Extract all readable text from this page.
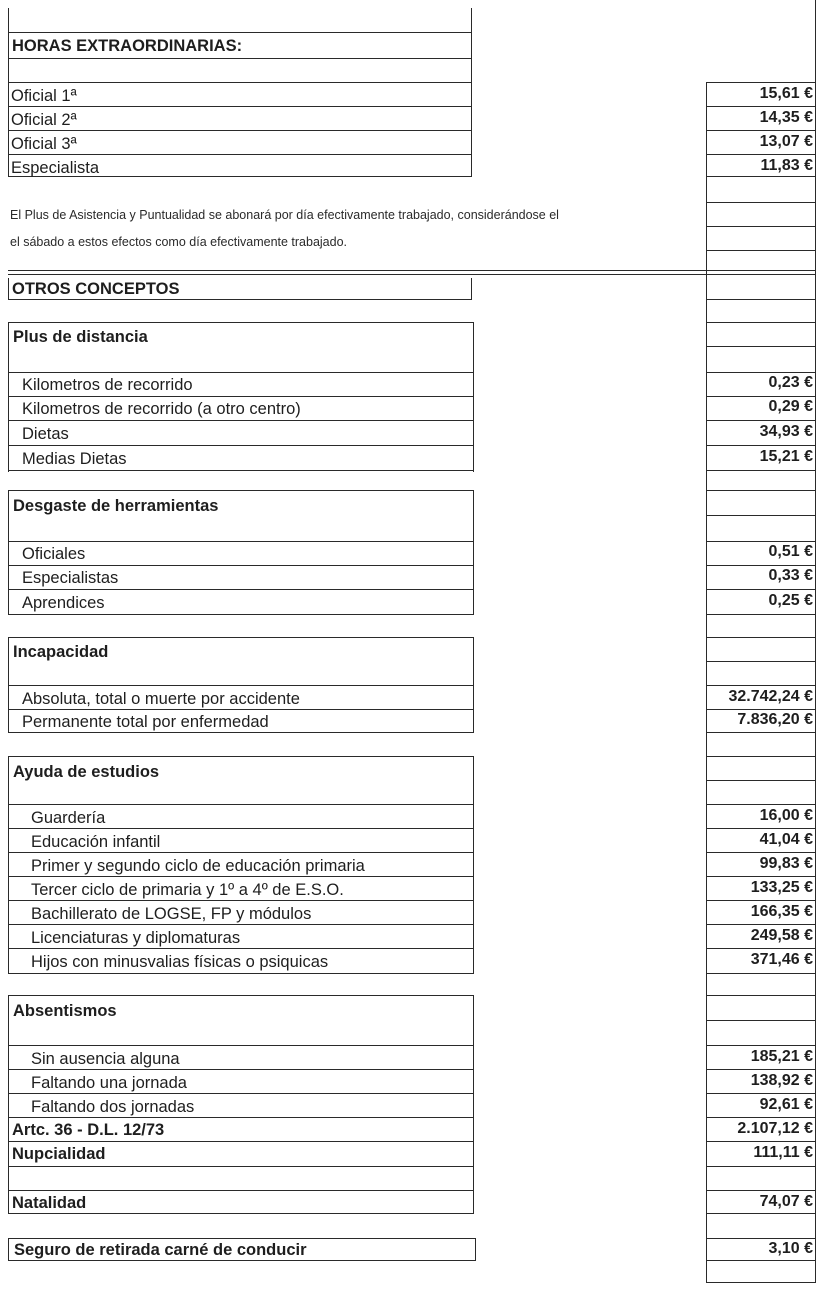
HORAS EXTRAORDINARIAS:
Oficial 1ª
Oficial 2ª
Oficial 3ª
Especialista
15,61 €
14,35 €
13,07 €
11,83 €
El Plus de Asistencia y Puntualidad se abonará por día efectivamente trabajado, considerándose el
el sábado a estos efectos como día efectivamente trabajado.
OTROS CONCEPTOS
Plus de distancia
Kilometros de recorrido
Kilometros de recorrido (a otro centro)
Dietas
Medias Dietas
0,23 €
0,29 €
34,93 €
15,21 €
Desgaste de herramientas
Oficiales
Especialistas
Aprendices
0,51 €
0,33 €
0,25 €
Incapacidad
Absoluta, total o muerte por accidente
Permanente total por enfermedad
32.742,24 €
7.836,20 €
Ayuda de estudios
Guardería
Educación infantil
Primer y segundo ciclo de educación primaria
Tercer ciclo de primaria y 1º a 4º de E.S.O.
Bachillerato de LOGSE, FP y módulos
Licenciaturas y diplomaturas
Hijos con minusvalias físicas o psiquicas
16,00 €
41,04 €
99,83 €
133,25 €
166,35 €
249,58 €
371,46 €
Absentismos
Sin ausencia alguna
Faltando una jornada
Faltando dos jornadas
185,21 €
138,92 €
92,61 €
Artc. 36 - D.L. 12/73
Nupcialidad
Natalidad
Seguro de retirada carné de conducir
2.107,12 €
111,11 €
74,07 €
3,10 €
